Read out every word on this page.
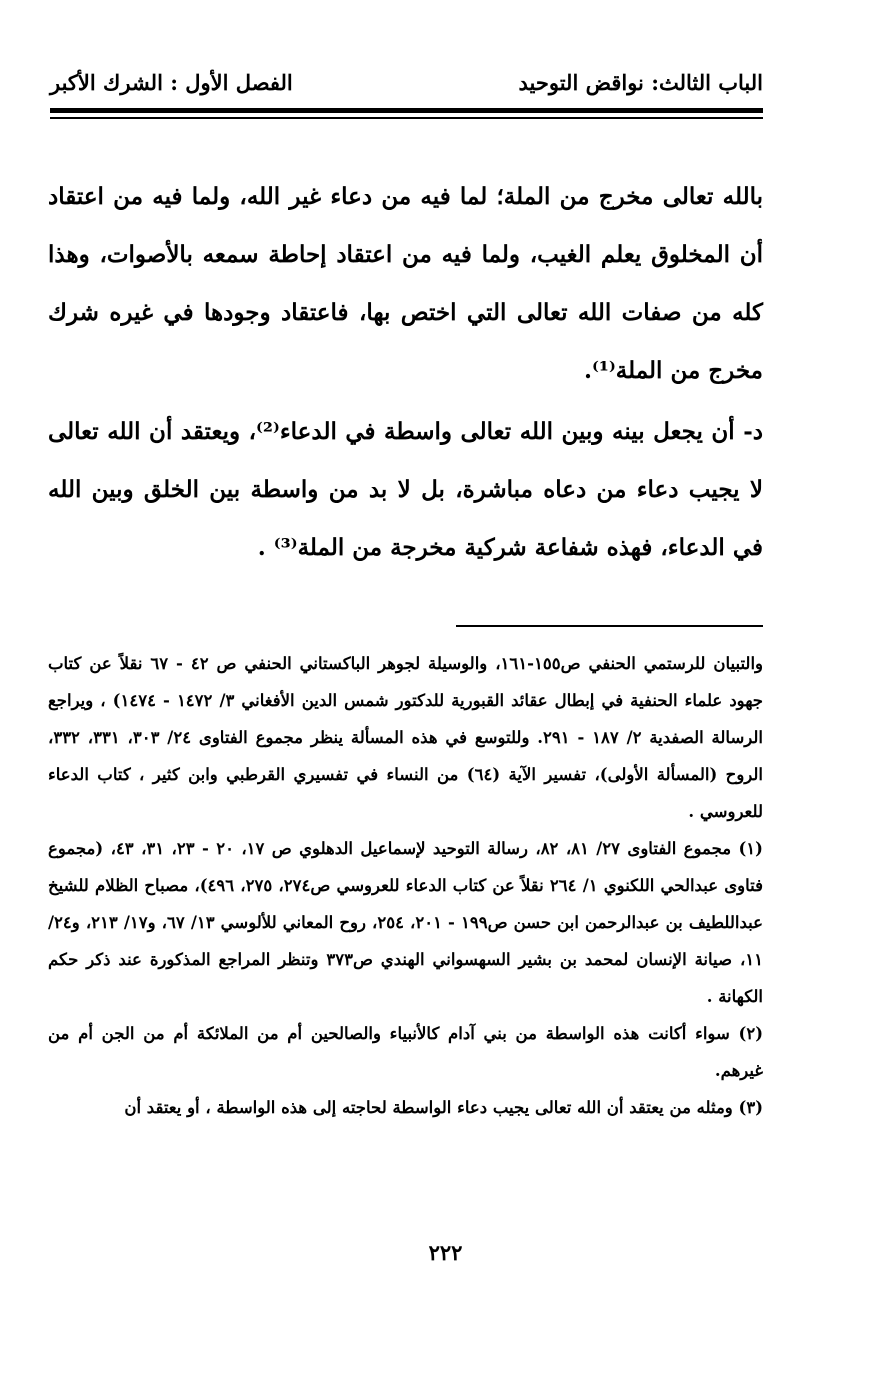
الباب الثالث: نواقض التوحيد
الفصل الأول : الشرك الأكبر

بالله تعالى مخرج من الملة؛ لما فيه من دعاء غير الله، ولما فيه من اعتقاد أن المخلوق يعلم الغيب، ولما فيه من اعتقاد إحاطة سمعه بالأصوات، وهذا كله من صفات الله تعالى التي اختص بها، فاعتقاد وجودها في غيره شرك مخرج من الملة⁽¹⁾.

د- أن يجعل بينه وبين الله تعالى واسطة في الدعاء⁽²⁾، ويعتقد أن الله تعالى لا يجيب دعاء من دعاه مباشرة، بل لا بد من واسطة بين الخلق وبين الله في الدعاء، فهذه شفاعة شركية مخرجة من الملة⁽³⁾ .

والتبيان للرستمي الحنفي ص١٥٥-١٦١، والوسيلة لجوهر الباكستاني الحنفي ص ٤٢ - ٦٧ نقلاً عن كتاب جهود علماء الحنفية في إبطال عقائد القبورية للدكتور شمس الدين الأفغاني ٣/ ١٤٧٢ - ١٤٧٤) ، ويراجع الرسالة الصفدية ٢/ ١٨٧ - ٢٩١. وللتوسع في هذه المسألة ينظر مجموع الفتاوى ٢٤/ ٣٠٣، ٣٣١، ٣٣٢، الروح (المسألة الأولى)، تفسير الآية (٦٤) من النساء في تفسيري القرطبي وابن كثير ، كتاب الدعاء للعروسي .

(١) مجموع الفتاوى ٢٧/ ٨١، ٨٢، رسالة التوحيد لإسماعيل الدهلوي ص ١٧، ٢٠ - ٢٣، ٣١، ٤٣، (مجموع فتاوى عبدالحي اللكنوي ١/ ٢٦٤ نقلاً عن كتاب الدعاء للعروسي ص٢٧٤، ٢٧٥، ٤٩٦)، مصباح الظلام للشيخ عبداللطيف بن عبدالرحمن ابن حسن ص١٩٩ - ٢٠١، ٢٥٤، روح المعاني للألوسي ١٣/ ٦٧، و١٧/ ٢١٣، و٢٤/ ١١، صيانة الإنسان لمحمد بن بشير السهسواني الهندي ص٣٧٣ وتنظر المراجع المذكورة عند ذكر حكم الكهانة .

(٢) سواء أكانت هذه الواسطة من بني آدام كالأنبياء والصالحين أم من الملائكة أم من الجن أم من غيرهم.

(٣) ومثله من يعتقد أن الله تعالى يجيب دعاء الواسطة لحاجته إلى هذه الواسطة ، أو يعتقد أن

٢٢٢
